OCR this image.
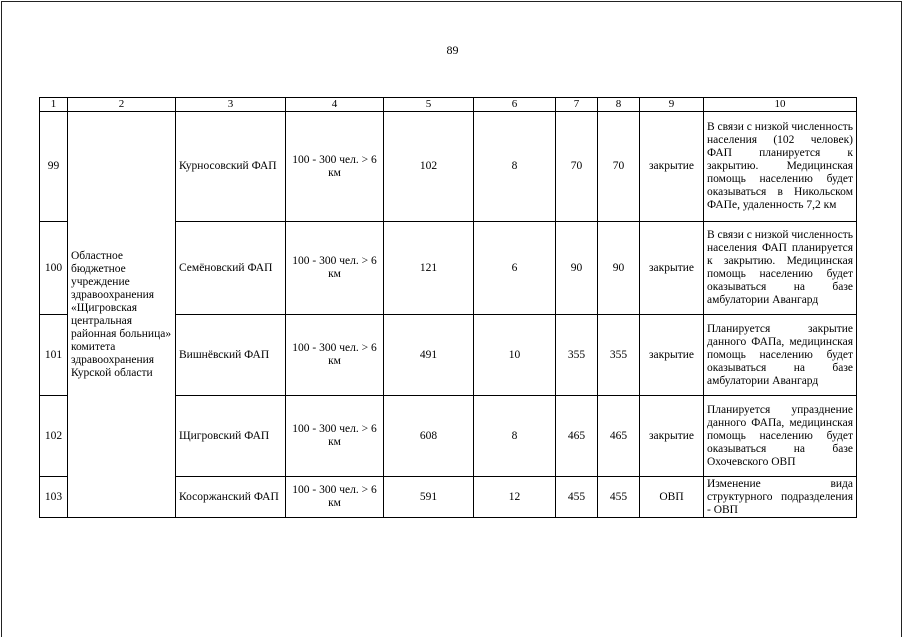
89
1	2	3	4	5	6	7	8	9	10
99	Областное бюджетное учреждение здравоохранения «Щигровская центральная районная больница» комитета здравоохранения Курской области	Курносовский ФАП	100 - 300 чел. > 6 км	102	8	70	70	закрытие	В связи с низкой численность населения (102 человек) ФАП планируется к закрытию. Медицинская помощь населению будет оказываться в Никольском ФАПе, удаленность 7,2 км

100		Семёновский ФАП	100 - 300 чел. > 6 км	121	6	90	90	закрытие	В связи с низкой численность населения ФАП планируется к закрытию. Медицинская помощь населению будет оказываться на базе амбулатории Авангард

101		Вишнёвский ФАП	100 - 300 чел. > 6 км	491	10	355	355	закрытие	Планируется закрытие данного ФАПа, медицинская помощь населению будет оказываться на базе амбулатории Авангард

102		Щигровский ФАП	100 - 300 чел. > 6 км	608	8	465	465	закрытие	Планируется упразднение данного ФАПа, медицинская помощь населению будет оказываться на базе Охочевского ОВП

103		Косоржанский ФАП	100 - 300 чел. > 6 км	591	12	455	455	ОВП	Изменение вида структурного подразделения - ОВП
